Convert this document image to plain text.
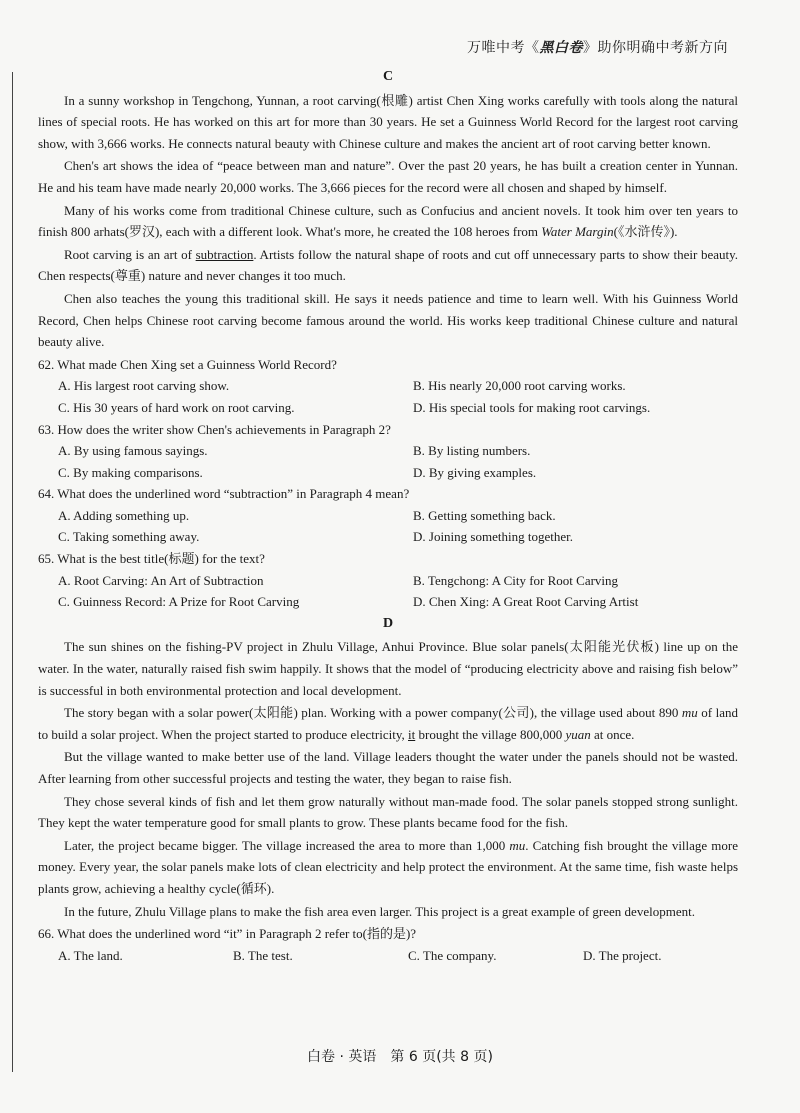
万唯中考《黑白卷》助你明确中考新方向
C

In a sunny workshop in Tengchong, Yunnan, a root carving(根雕) artist Chen Xing works carefully with tools along the natural lines of special roots. He has worked on this art for more than 30 years. He set a Guinness World Record for the largest root carving show, with 3,666 works. He connects natural beauty with Chinese culture and makes the ancient art of root carving better known.

Chen's art shows the idea of “peace between man and nature”. Over the past 20 years, he has built a creation center in Yunnan. He and his team have made nearly 20,000 works. The 3,666 pieces for the record were all chosen and shaped by himself.

Many of his works come from traditional Chinese culture, such as Confucius and ancient novels. It took him over ten years to finish 800 arhats(罗汉), each with a different look. What's more, he created the 108 heroes from Water Margin(《水浒传》).

Root carving is an art of subtraction. Artists follow the natural shape of roots and cut off unnecessary parts to show their beauty. Chen respects(尊重) nature and never changes it too much.

Chen also teaches the young this traditional skill. He says it needs patience and time to learn well. With his Guinness World Record, Chen helps Chinese root carving become famous around the world. His works keep traditional Chinese culture and natural beauty alive.

62. What made Chen Xing set a Guinness World Record?
A. His largest root carving show.	B. His nearly 20,000 root carving works.
C. His 30 years of hard work on root carving.	D. His special tools for making root carvings.
63. How does the writer show Chen's achievements in Paragraph 2?
A. By using famous sayings.	B. By listing numbers.
C. By making comparisons.	D. By giving examples.
64. What does the underlined word “subtraction” in Paragraph 4 mean?
A. Adding something up.	B. Getting something back.
C. Taking something away.	D. Joining something together.
65. What is the best title(标题) for the text?
A. Root Carving: An Art of Subtraction	B. Tengchong: A City for Root Carving
C. Guinness Record: A Prize for Root Carving	D. Chen Xing: A Great Root Carving Artist
D

The sun shines on the fishing-PV project in Zhulu Village, Anhui Province. Blue solar panels(太阳能光伏板) line up on the water. In the water, naturally raised fish swim happily. It shows that the model of “producing electricity above and raising fish below” is successful in both environmental protection and local development.

The story began with a solar power(太阳能) plan. Working with a power company(公司), the village used about 890 mu of land to build a solar project. When the project started to produce electricity, it brought the village 800,000 yuan at once.

But the village wanted to make better use of the land. Village leaders thought the water under the panels should not be wasted. After learning from other successful projects and testing the water, they began to raise fish.

They chose several kinds of fish and let them grow naturally without man-made food. The solar panels stopped strong sunlight. They kept the water temperature good for small plants to grow. These plants became food for the fish.

Later, the project became bigger. The village increased the area to more than 1,000 mu. Catching fish brought the village more money. Every year, the solar panels make lots of clean electricity and help protect the environment. At the same time, fish waste helps plants grow, achieving a healthy cycle(循环).

In the future, Zhulu Village plans to make the fish area even larger. This project is a great example of green development.

66. What does the underlined word “it” in Paragraph 2 refer to(指的是)?
A. The land.	B. The test.	C. The company.	D. The project.
白卷 · 英语　第 6 页(共 8 页)
